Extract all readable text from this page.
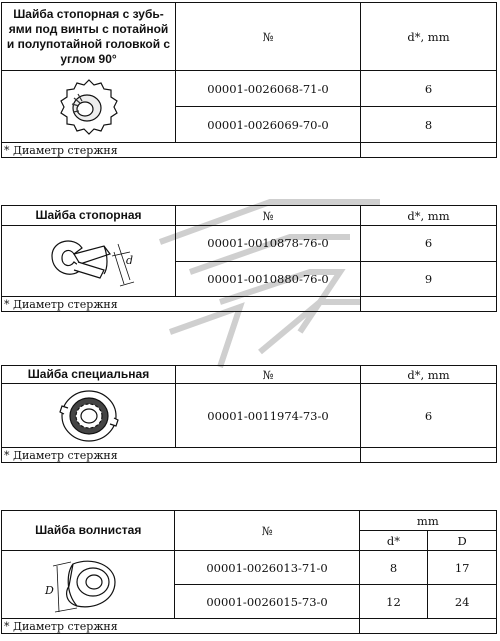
Шайба стопорная с зубь-
ями под винты с потайной
и полупотайной головкой с
углом 90°	№	d*, mm

	00001-0026068-71-0	6
	00001-0026069-70-0	8
* Диаметр стержня		
Шайба стопорная	№	d*, mm

d	00001-0010878-76-0	6
	00001-0010880-76-0	9
* Диаметр стержня		
Шайба специальная	№	d*, mm

	00001-0011974-73-0	6
* Диаметр стержня		
Шайба волнистая	№	mm	
		d*	D

D	00001-0026013-71-0	8	17
	00001-0026015-73-0	12	24
* Диаметр стержня			
